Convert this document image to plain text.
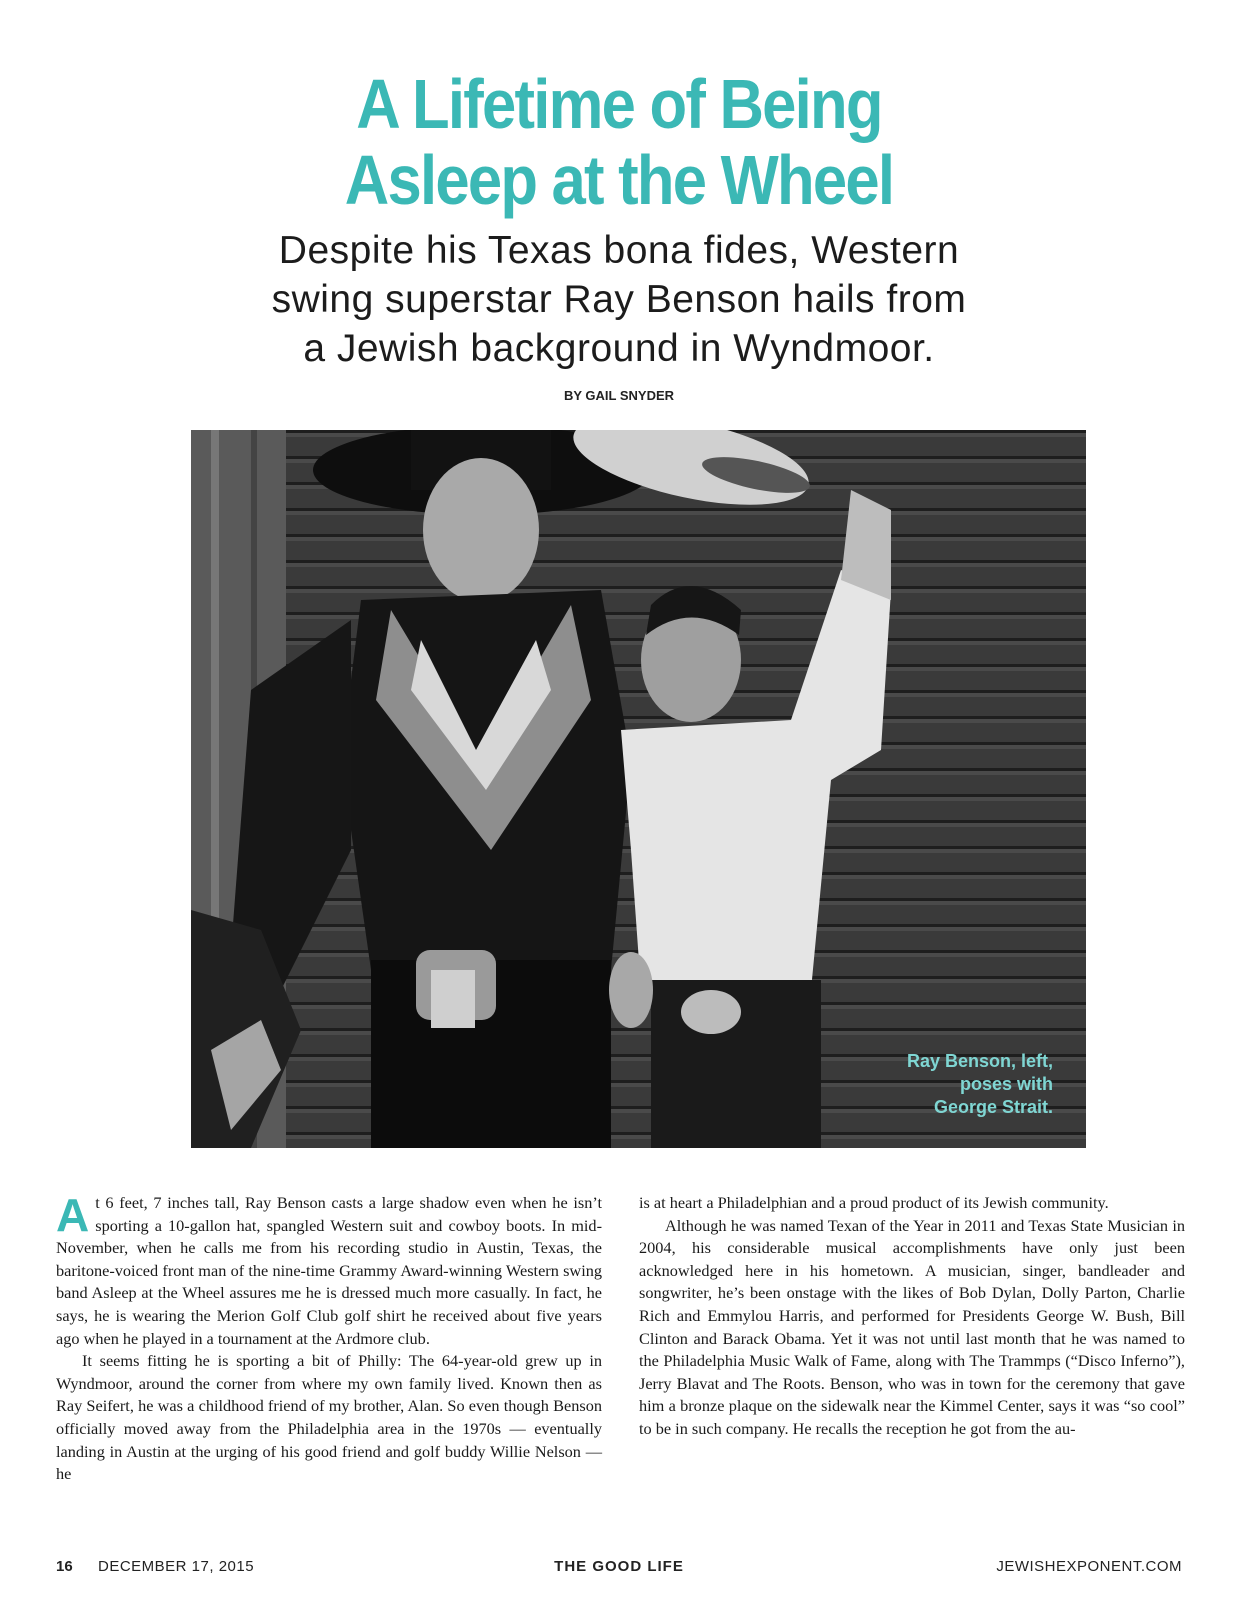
A Lifetime of Being
Asleep at the Wheel
Despite his Texas bona fides, Western
swing superstar Ray Benson hails from
a Jewish background in Wyndmoor.
BY GAIL SNYDER
Ray Benson, left,
poses with
George Strait.

At 6 feet, 7 inches tall, Ray Benson casts a large shadow even when he isn’t sporting a 10-gallon hat, spangled Western suit and cowboy boots. In mid-November, when he calls me from his recording studio in Austin, Texas, the baritone-voiced front man of the nine-time Grammy Award-winning Western swing band Asleep at the Wheel assures me he is dressed much more casually. In fact, he says, he is wearing the Merion Golf Club golf shirt he received about five years ago when he played in a tournament at the Ardmore club.

It seems fitting he is sporting a bit of Philly: The 64-year-old grew up in Wyndmoor, around the corner from where my own family lived. Known then as Ray Seifert, he was a childhood friend of my brother, Alan. So even though Benson officially moved away from the Philadelphia area in the 1970s — eventually landing in Austin at the urging of his good friend and golf buddy Willie Nelson — he

is at heart a Philadelphian and a proud product of its Jewish community.

Although he was named Texan of the Year in 2011 and Texas State Musician in 2004, his considerable musical accomplishments have only just been acknowledged here in his hometown. A musician, singer, bandleader and songwriter, he’s been onstage with the likes of Bob Dylan, Dolly Parton, Charlie Rich and Emmylou Harris, and performed for Presidents George W. Bush, Bill Clinton and Barack Obama. Yet it was not until last month that he was named to the Philadelphia Music Walk of Fame, along with The Trammps (“Disco Inferno”), Jerry Blavat and The Roots. Benson, who was in town for the ceremony that gave him a bronze plaque on the sidewalk near the Kimmel Center, says it was “so cool” to be in such company. He recalls the reception he got from the au-

16 DECEMBER 17, 2015	THE GOOD LIFE	JEWISHEXPONENT.COM
